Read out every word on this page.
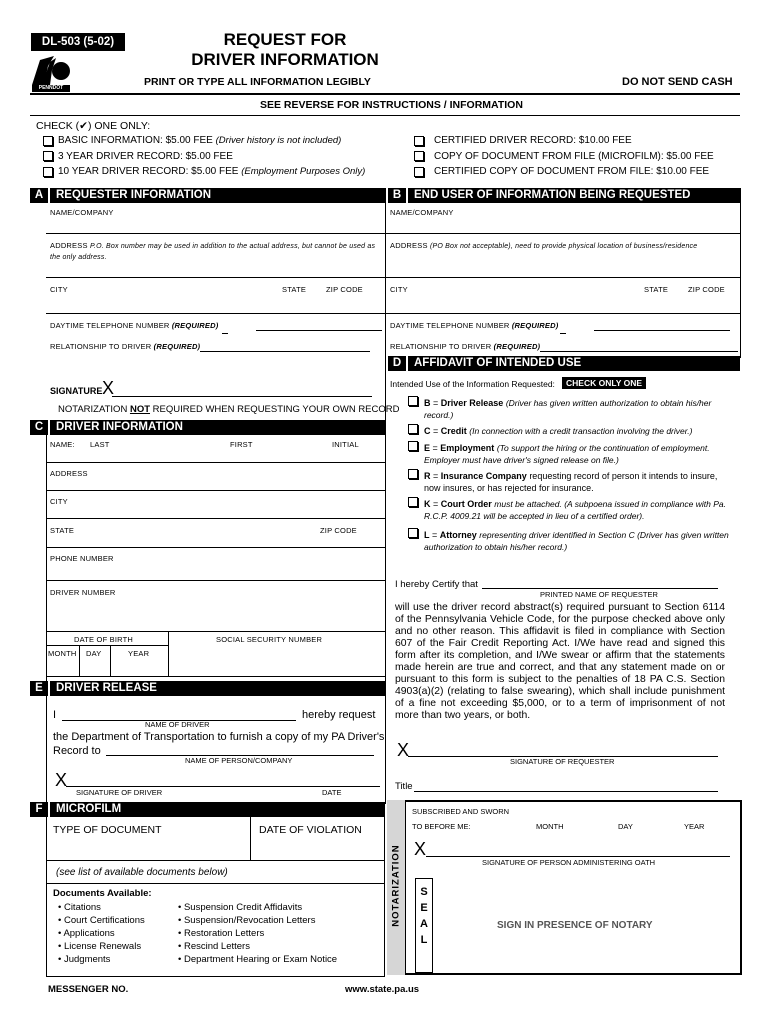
DL-503 (5-02)
PENNDOT
REQUEST FOR
DRIVER INFORMATION
PRINT OR TYPE ALL INFORMATION LEGIBLY	DO NOT SEND CASH
SEE REVERSE FOR INSTRUCTIONS / INFORMATION
CHECK (✔) ONE ONLY:
BASIC INFORMATION: $5.00 FEE (Driver history is not included)
3 YEAR DRIVER RECORD: $5.00 FEE
10 YEAR DRIVER RECORD: $5.00 FEE (Employment Purposes Only)
CERTIFIED DRIVER RECORD: $10.00 FEE
COPY OF DOCUMENT FROM FILE (MICROFILM): $5.00 FEE
CERTIFIED COPY OF DOCUMENT FROM FILE: $10.00 FEE
A REQUESTER INFORMATION
NAME/COMPANY
ADDRESS P.O. Box number may be used in addition to the actual address, but cannot be used as the only address.
CITY	STATE	ZIP CODE
DAYTIME TELEPHONE NUMBER (REQUIRED)
RELATIONSHIP TO DRIVER (REQUIRED)
SIGNATURE X
NOTARIZATION NOT REQUIRED WHEN REQUESTING YOUR OWN RECORD
B END USER OF INFORMATION BEING REQUESTED
NAME/COMPANY
ADDRESS (PO Box not acceptable), need to provide physical location of business/residence
CITY	STATE	ZIP CODE
DAYTIME TELEPHONE NUMBER (REQUIRED)
RELATIONSHIP TO DRIVER (REQUIRED)
C DRIVER INFORMATION
NAME: LAST	FIRST	INITIAL
ADDRESS
CITY
STATE	ZIP CODE
PHONE NUMBER
DRIVER NUMBER
DATE OF BIRTH	SOCIAL SECURITY NUMBER
MONTH DAY	YEAR
E DRIVER RELEASE
I	hereby request
NAME OF DRIVER
the Department of Transportation to furnish a copy of my PA Driver's
Record to
NAME OF PERSON/COMPANY
X
SIGNATURE OF DRIVER	DATE
D AFFIDAVIT OF INTENDED USE
Intended Use of the Information Requested:	CHECK ONLY ONE
B = Driver Release (Driver has given written authorization to obtain his/her record.)
C = Credit (In connection with a credit transaction involving the driver.)
E = Employment (To support the hiring or the continuation of employment. Employer must have driver's signed release on file.)
R = Insurance Company requesting record of person it intends to insure, now insures, or has rejected for insurance.
K = Court Order must be attached. (A subpoena issued in compliance with Pa. R.C.P. 4009.21 will be accepted in lieu of a certified order).
L = Attorney representing driver identified in Section C (Driver has given written authorization to obtain his/her record.)
I hereby Certify that
PRINTED NAME OF REQUESTER
will use the driver record abstract(s) required pursuant to Section 6114 of the Pennsylvania Vehicle Code, for the purpose checked above only and no other reason. This affidavit is filed in compliance with Section 607 of the Fair Credit Reporting Act. I/We have read and signed this form after its completion, and I/We swear or affirm that the statements made herein are true and correct, and that any statement made on or pursuant to this form is subject to the penalties of 18 PA C.S. Section 4903(a)(2) (relating to false swearing), which shall include punishment of a fine not exceeding $5,000, or to a term of imprisonment of not more than two years, or both.
X
SIGNATURE OF REQUESTER
Title
F MICROFILM
TYPE OF DOCUMENT	DATE OF VIOLATION
(see list of available documents below)
Documents Available:
• Citations
• Court Certifications
• Applications
• License Renewals
• Judgments
• Suspension Credit Affidavits
• Suspension/Revocation Letters
• Restoration Letters
• Rescind Letters
• Department Hearing or Exam Notice
NOTARIZATION
SUBSCRIBED AND SWORN
TO BEFORE ME:	MONTH	DAY	YEAR
X
SIGNATURE OF PERSON ADMINISTERING OATH
S
E
A
L
SIGN IN PRESENCE OF NOTARY
MESSENGER NO.	www.state.pa.us
